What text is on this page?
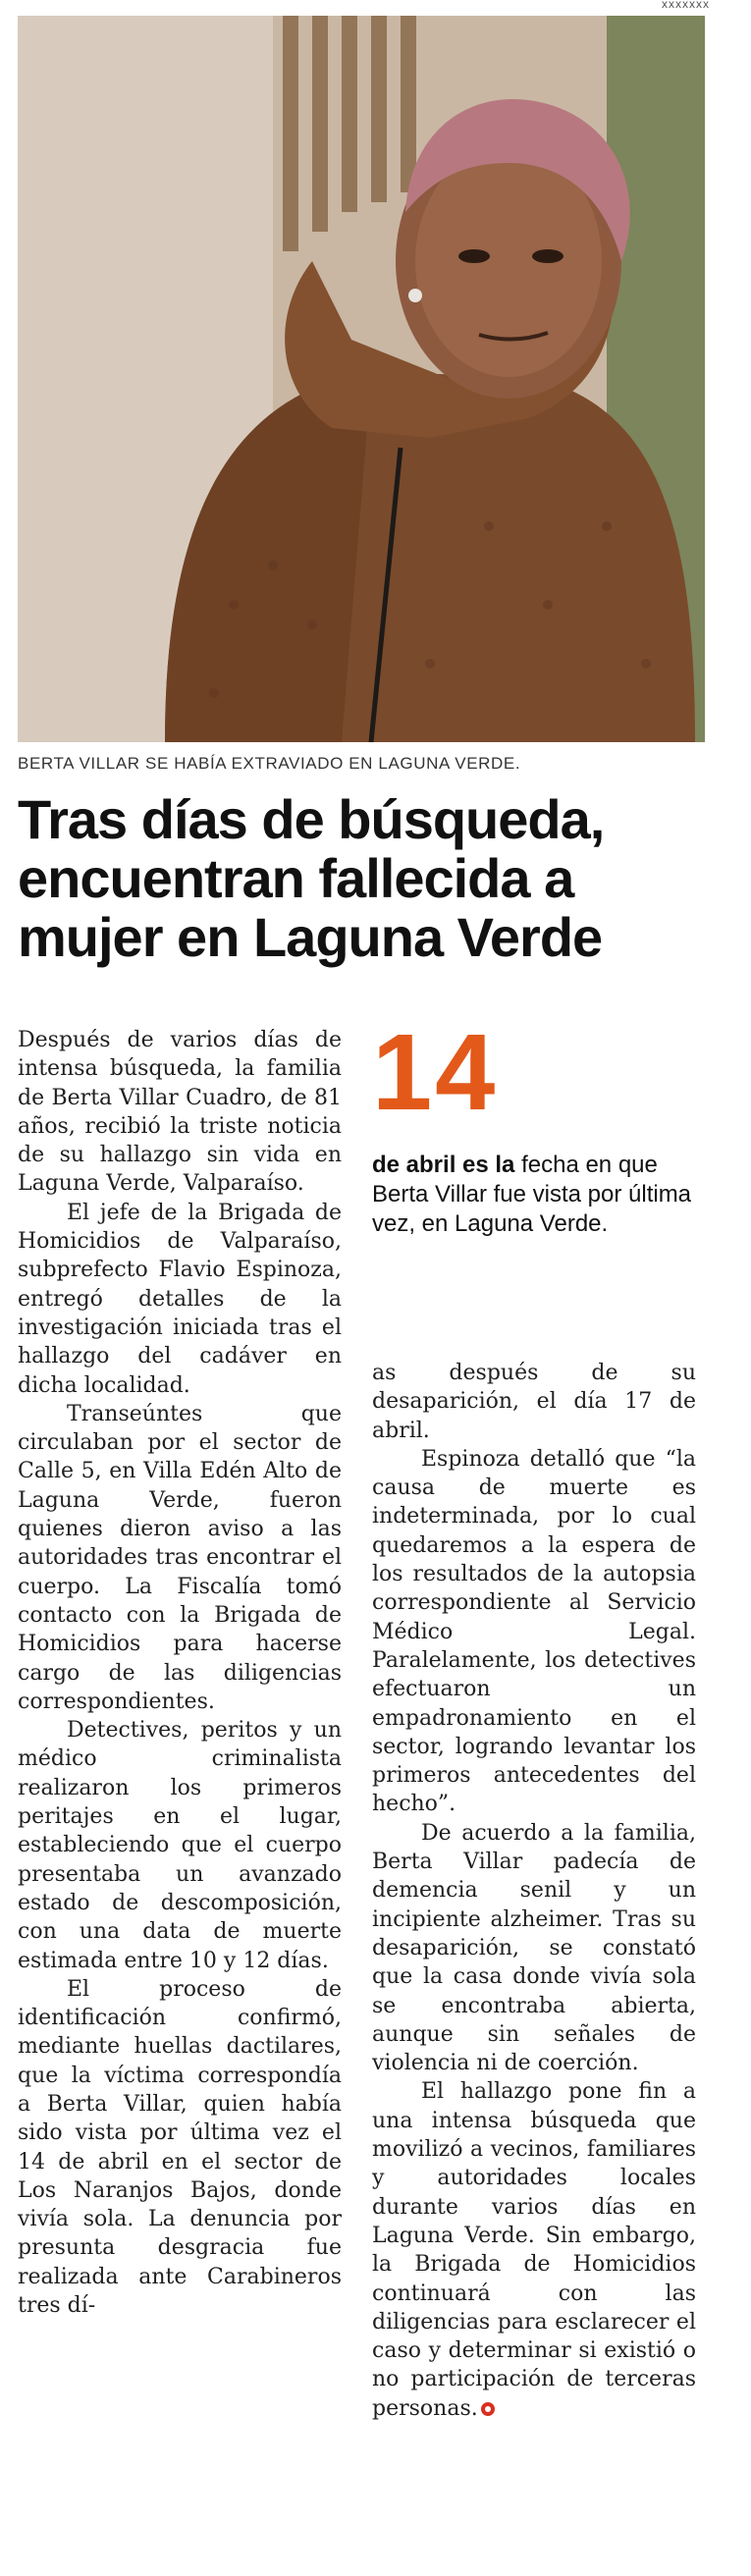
xxxxxxx
BERTA VILLAR SE HABÍA EXTRAVIADO EN LAGUNA VERDE.
Tras días de búsqueda,
encuentran fallecida a
mujer en Laguna Verde

Después de varios días de intensa búsqueda, la familia de Berta Villar Cuadro, de 81 años, recibió la triste noticia de su hallazgo sin vida en Laguna Verde, Valparaíso.

El jefe de la Brigada de Homicidios de Valparaíso, subprefecto Flavio Espinoza, entregó detalles de la investigación iniciada tras el hallazgo del cadáver en dicha localidad.

Transeúntes que circulaban por el sector de Calle 5, en Villa Edén Alto de Laguna Verde, fueron quienes dieron aviso a las autoridades tras encontrar el cuerpo. La Fiscalía tomó contacto con la Brigada de Homicidios para hacerse cargo de las diligencias correspondientes.

Detectives, peritos y un médico criminalista realizaron los primeros peritajes en el lugar, estableciendo que el cuerpo presentaba un avanzado estado de descomposición, con una data de muerte estimada entre 10 y 12 días.

El proceso de identificación confirmó, mediante huellas dactilares, que la víctima correspondía a Berta Villar, quien había sido vista por última vez el 14 de abril en el sector de Los Naranjos Bajos, donde vivía sola. La denuncia por presunta desgracia fue realizada ante Carabineros tres dí-

14
de abril es la fecha en que Berta Villar fue vista por última vez, en Laguna Verde.

as después de su desaparición, el día 17 de abril.

Espinoza detalló que “la causa de muerte es indeterminada, por lo cual quedaremos a la espera de los resultados de la autopsia correspondiente al Servicio Médico Legal. Paralelamente, los detectives efectuaron un empadronamiento en el sector, logrando levantar los primeros antecedentes del hecho”.

De acuerdo a la familia, Berta Villar padecía de demencia senil y un incipiente alzheimer. Tras su desaparición, se constató que la casa donde vivía sola se encontraba abierta, aunque sin señales de violencia ni de coerción.

El hallazgo pone fin a una intensa búsqueda que movilizó a vecinos, familiares y autoridades locales durante varios días en Laguna Verde. Sin embargo, la Brigada de Homicidios continuará con las diligencias para esclarecer el caso y determinar si existió o no participación de terceras personas.
